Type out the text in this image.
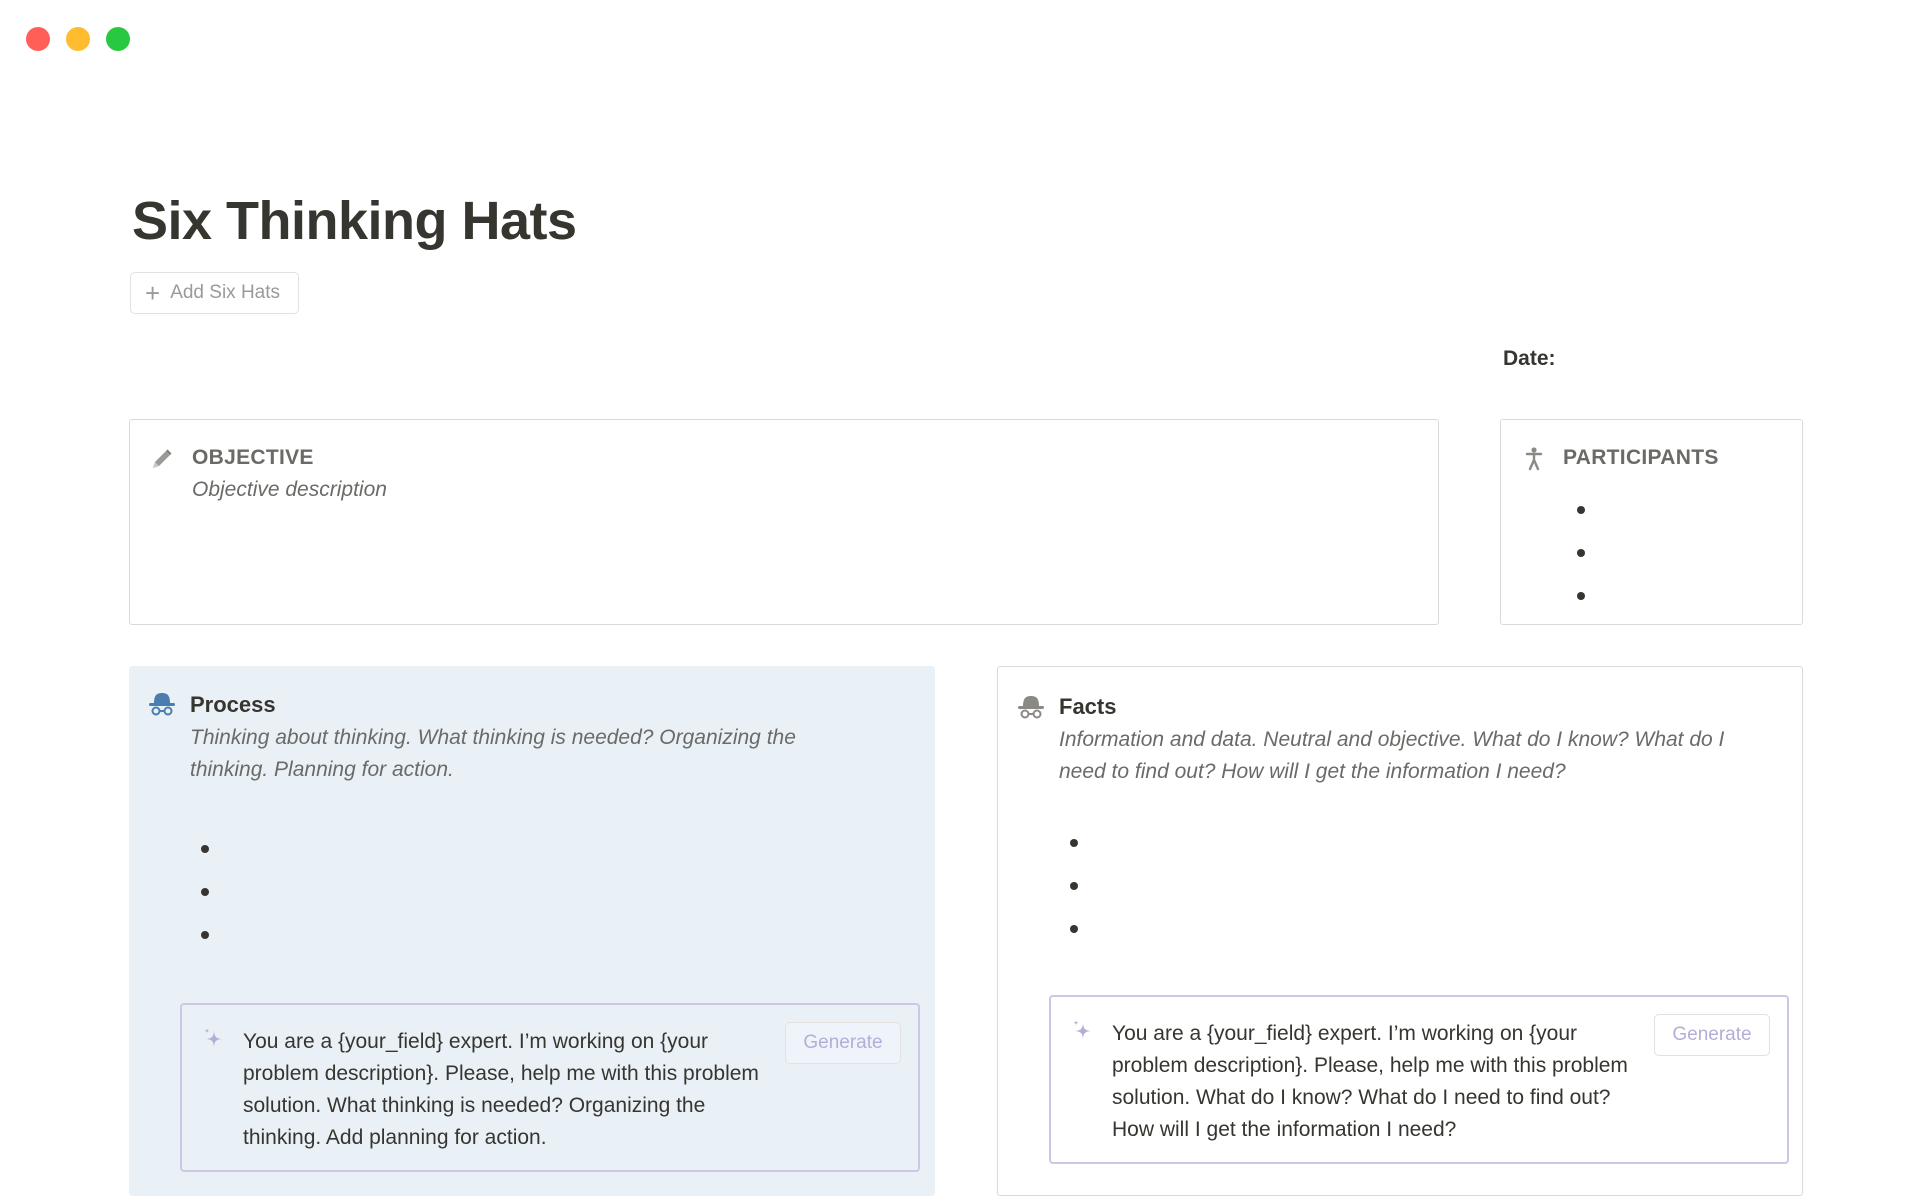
Six Thinking Hats
+ Add Six Hats
Date:
OBJECTIVE
Objective description
PARTICIPANTS
Process
Thinking about thinking. What thinking is needed? Organizing the thinking. Planning for action.
You are a {your_field} expert. I’m working on {your problem description}. Please, help me with this problem solution. What thinking is needed? Organizing the thinking. Add planning for action.
Generate
Facts
Information and data. Neutral and objective. What do I know? What do I need to find out? How will I get the information I need?
You are a {your_field} expert. I’m working on {your problem description}. Please, help me with this problem solution. What do I know? What do I need to find out? How will I get the information I need?
Generate
